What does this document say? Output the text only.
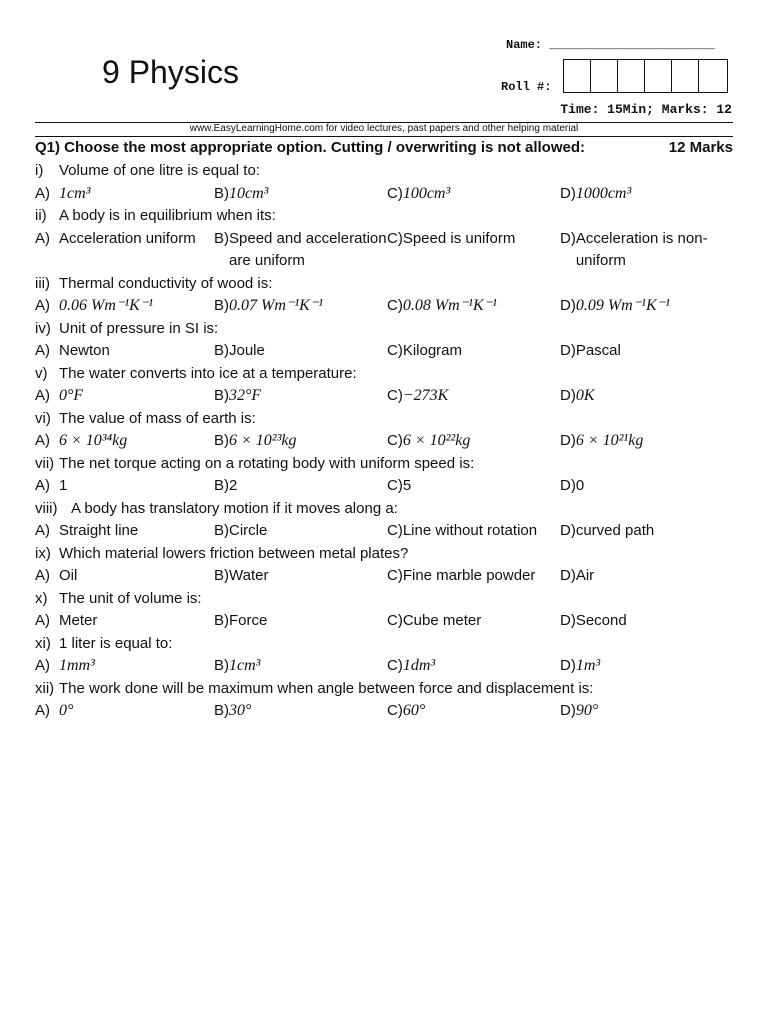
9 Physics
Name: _______________________
Roll #:
Time: 15Min; Marks: 12
www.EasyLearningHome.com for video lectures, past papers and other helping material
Q1) Choose the most appropriate option. Cutting / overwriting is not allowed:	12 Marks
i)	Volume of one litre is equal to:
A) 1cm³	B) 10cm³	C) 100cm³	D) 1000cm³
ii) A body is in equilibrium when its:
A) Acceleration uniform	B) Speed and acceleration are uniform
C) Speed is uniform	D) Acceleration is non-uniform
iii) Thermal conductivity of wood is:
A) 0.06 Wm⁻¹K⁻¹	B) 0.07 Wm⁻¹K⁻¹	C) 0.08 Wm⁻¹K⁻¹	D) 0.09 Wm⁻¹K⁻¹
iv) Unit of pressure in SI is:
A) Newton	B) Joule	C) Kilogram	D) Pascal
v) The water converts into ice at a temperature:
A) 0°F	B) 32°F	C) −273K	D) 0K
vi) The value of mass of earth is:
A) 6 × 10³⁴kg	B) 6 × 10²³kg	C) 6 × 10²²kg	D) 6 × 10²¹kg
vii) The net torque acting on a rotating body with uniform speed is:
A) 1	B) 2	C) 5	D) 0
viii) A body has translatory motion if it moves along a:
A) Straight line	B) Circle	C) Line without rotation	D) curved path
ix) Which material lowers friction between metal plates?
A) Oil	B) Water	C) Fine marble powder	D) Air
x) The unit of volume is:
A) Meter	B) Force	C) Cube meter	D) Second
xi) 1 liter is equal to:
A) 1mm³	B) 1cm³	C) 1dm³	D) 1m³
xii) The work done will be maximum when angle between force and displacement is:
A) 0°	B) 30°	C) 60°	D) 90°
